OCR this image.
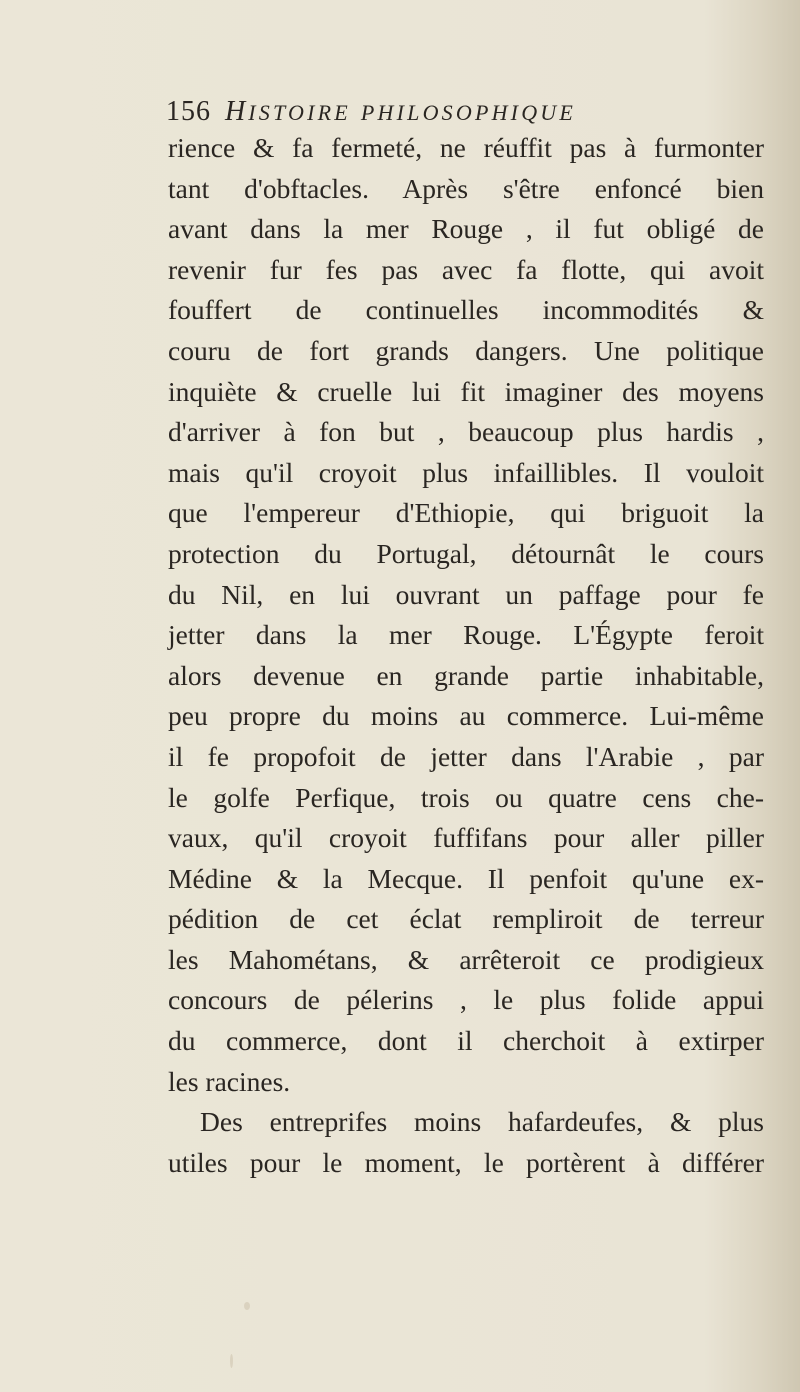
156 HISTOIRE PHILOSOPHIQUE
rience & fa fermeté, ne réuffit pas à furmonter
tant d'obftacles. Après s'être enfoncé bien
avant dans la mer Rouge , il fut obligé de
revenir fur fes pas avec fa flotte, qui avoit
fouffert de continuelles incommodités &
couru de fort grands dangers. Une politique
inquiète & cruelle lui fit imaginer des moyens
d'arriver à fon but , beaucoup plus hardis ,
mais qu'il croyoit plus infaillibles. Il vouloit
que l'empereur d'Ethiopie, qui briguoit la
protection du Portugal, détournât le cours
du Nil, en lui ouvrant un paffage pour fe
jetter dans la mer Rouge. L'Égypte feroit
alors devenue en grande partie inhabitable,
peu propre du moins au commerce. Lui-même
il fe propofoit de jetter dans l'Arabie , par
le golfe Perfique, trois ou quatre cens che-
vaux, qu'il croyoit fuffifans pour aller piller
Médine & la Mecque. Il penfoit qu'une ex-
pédition de cet éclat rempliroit de terreur
les Mahométans, & arrêteroit ce prodigieux
concours de pélerins , le plus folide appui
du commerce, dont il cherchoit à extirper
les racines.
Des entreprifes moins hafardeufes, & plus
utiles pour le moment, le portèrent à différer
